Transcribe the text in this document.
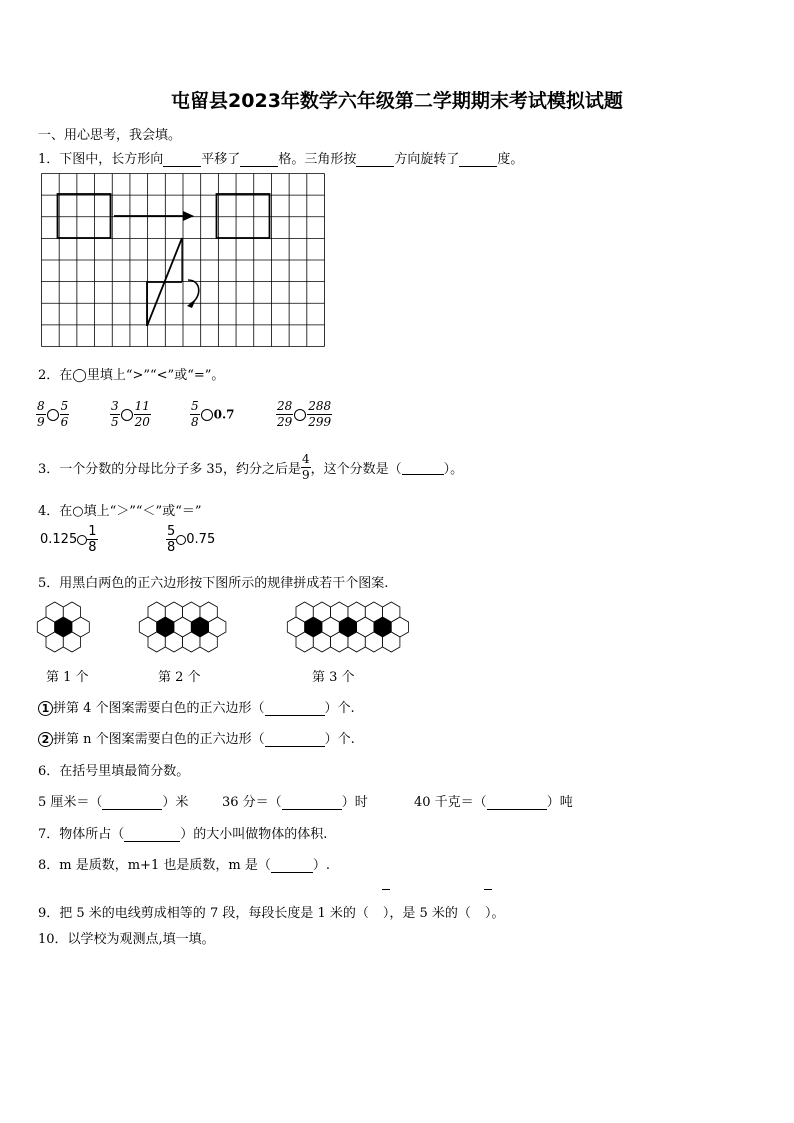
屯留县2023年数学六年级第二学期期末考试模拟试题
一、用心思考，我会填。
1．下图中，长方形向	平移了	格。三角形按	方向旋转了	度。
2．在◯里填上“>”“<”或“=”。
$\frac{8}{9} \frac{5}{6}$	$\frac{3}{5} \frac{11}{20}$	$\frac{5}{8} 0.7$	$\frac{28}{29} \frac{288}{299}$
3．一个分数的分母比分子多 35，约分之后是 $\frac{4}{9}$ ，这个分数是（	）。
4．在○填上“＞”“＜”或“＝”
$0.125 \frac{1}{8}$	$\frac{5}{8} 0.75$
5．用黑白两色的正六边形按下图所示的规律拼成若干个图案.
第 1 个	第 2 个	第 3 个
1 拼第 4 个图案需要白色的正六边形（	）个.
2 拼第 n 个图案需要白色的正六边形（	）个.
6．在括号里填最简分数。
5 厘米＝（	）米	36 分＝（	）时	40 千克＝（	）吨
7．物体所占（	）的大小叫做物体的体积.
8．m 是质数，m+1 也是质数，m 是（	）.
9．把 5 米的电线剪成相等的 7 段，每段长度是 1 米的（ ），是 5 米的（ ）。
10．以学校为观测点,填一填。
